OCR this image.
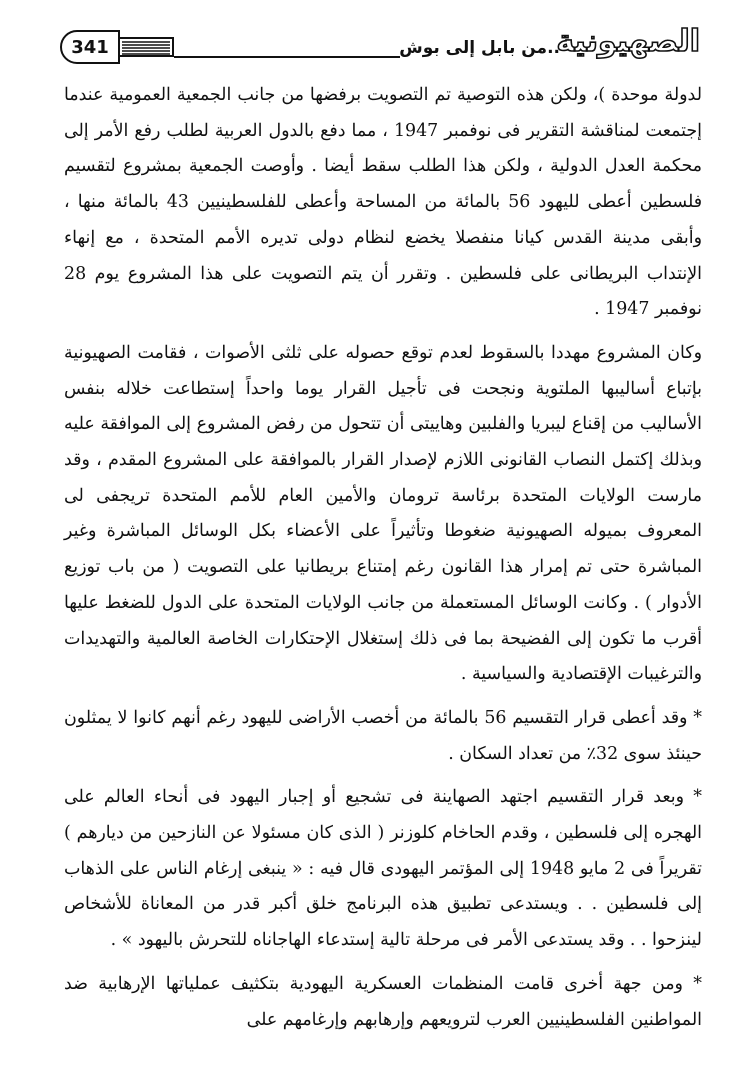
341	..من بابل إلى بوش
الصهيونية

لدولة موحدة )، ولكن هذه التوصية تم التصويت برفضها من جانب الجمعية العمومية عندما إجتمعت لمناقشة التقرير فى نوفمبر 1947 ، مما دفع بالدول العربية لطلب رفع الأمر إلى محكمة العدل الدولية ، ولكن هذا الطلب سقط أيضا . وأوصت الجمعية بمشروع لتقسيم فلسطين أعطى لليهود 56 بالمائة من المساحة وأعطى للفلسطينيين 43 بالمائة منها ، وأبقى مدينة القدس كيانا منفصلا يخضع لنظام دولى تديره الأمم المتحدة ، مع إنهاء الإنتداب البريطانى على فلسطين . وتقرر أن يتم التصويت على هذا المشروع يوم 28 نوفمبر 1947 .

وكان المشروع مهددا بالسقوط لعدم توقع حصوله على ثلثى الأصوات ، فقامت الصهيونية بإتباع أساليبها الملتوية ونجحت فى تأجيل القرار يوما واحداً إستطاعت خلاله بنفس الأساليب من إقناع ليبريا والفلبين وهاييتى أن تتحول من رفض المشروع إلى الموافقة عليه وبذلك إكتمل النصاب القانونى اللازم لإصدار القرار بالموافقة على المشروع المقدم ، وقد مارست الولايات المتحدة برئاسة ترومان والأمين العام للأمم المتحدة تريجفى لى المعروف بميوله الصهيونية ضغوطا وتأثيراً على الأعضاء بكل الوسائل المباشرة وغير المباشرة حتى تم إمرار هذا القانون رغم إمتناع بريطانيا على التصويت ( من باب توزيع الأدوار ) . وكانت الوسائل المستعملة من جانب الولايات المتحدة على الدول للضغط عليها أقرب ما تكون إلى الفضيحة بما فى ذلك إستغلال الإحتكارات الخاصة العالمية والتهديدات والترغيبات الإقتصادية والسياسية .

* وقد أعطى قرار التقسيم 56 بالمائة من أخصب الأراضى لليهود رغم أنهم كانوا لا يمثلون حينئذ سوى 32٪ من تعداد السكان .

* وبعد قرار التقسيم اجتهد الصهاينة فى تشجيع أو إجبار اليهود فى أنحاء العالم على الهجره إلى فلسطين ، وقدم الحاخام كلوزنر ( الذى كان مسئولا عن النازحين من ديارهم ) تقريراً فى 2 مايو 1948 إلى المؤتمر اليهودى قال فيه : « ينبغى إرغام الناس على الذهاب إلى فلسطين . . ويستدعى تطبيق هذه البرنامج خلق أكبر قدر من المعاناة للأشخاص لينزحوا . . وقد يستدعى الأمر فى مرحلة تالية إستدعاء الهاجاناه للتحرش باليهود » .

* ومن جهة أخرى قامت المنظمات العسكرية اليهودية بتكثيف عملياتها الإرهابية ضد المواطنين الفلسطينيين العرب لترويعهم وإرهابهم وإرغامهم على
